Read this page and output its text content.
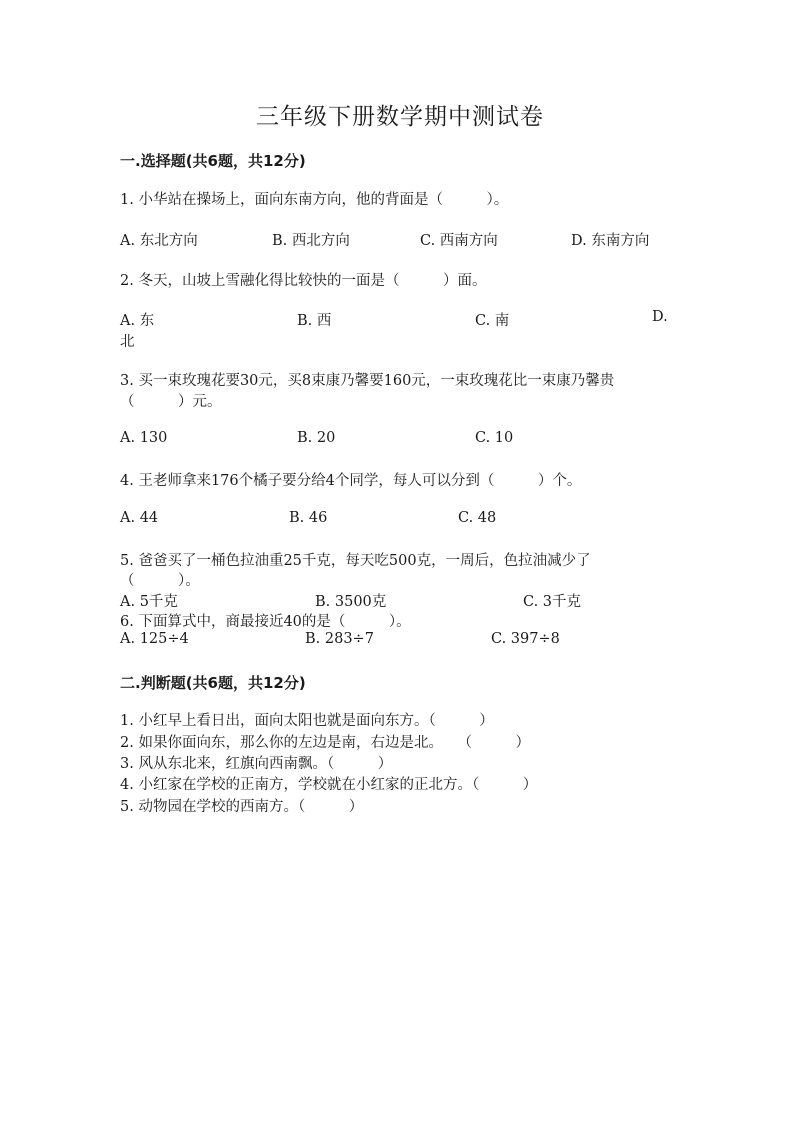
三年级下册数学期中测试卷
一.选择题(共6题，共12分)
1. 小华站在操场上，面向东南方向，他的背面是（　　　）。
A. 东北方向	B. 西北方向	C. 西南方向	D. 东南方向
2. 冬天，山坡上雪融化得比较快的一面是（　　　）面。
A. 东	B. 西	C. 南	D.
北
3. 买一束玫瑰花要30元，买8束康乃馨要160元，一束玫瑰花比一束康乃馨贵
（　　　）元。
A. 130	B. 20	C. 10
4. 王老师拿来176个橘子要分给4个同学，每人可以分到（　　　）个。
A. 44	B. 46	C. 48
5. 爸爸买了一桶色拉油重25千克，每天吃500克，一周后，色拉油减少了
（　　　）。
A. 5千克	B. 3500克	C. 3千克
6. 下面算式中，商最接近40的是（　　　）。
A. 125÷4	B. 283÷7	C. 397÷8
二.判断题(共6题，共12分)
1. 小红早上看日出，面向太阳也就是面向东方。（　　　）
2. 如果你面向东，那么你的左边是南，右边是北。　　（　　　）
3. 风从东北来，红旗向西南飘。（　　　）
4. 小红家在学校的正南方，学校就在小红家的正北方。（　　　）
5. 动物园在学校的西南方。（　　　）
